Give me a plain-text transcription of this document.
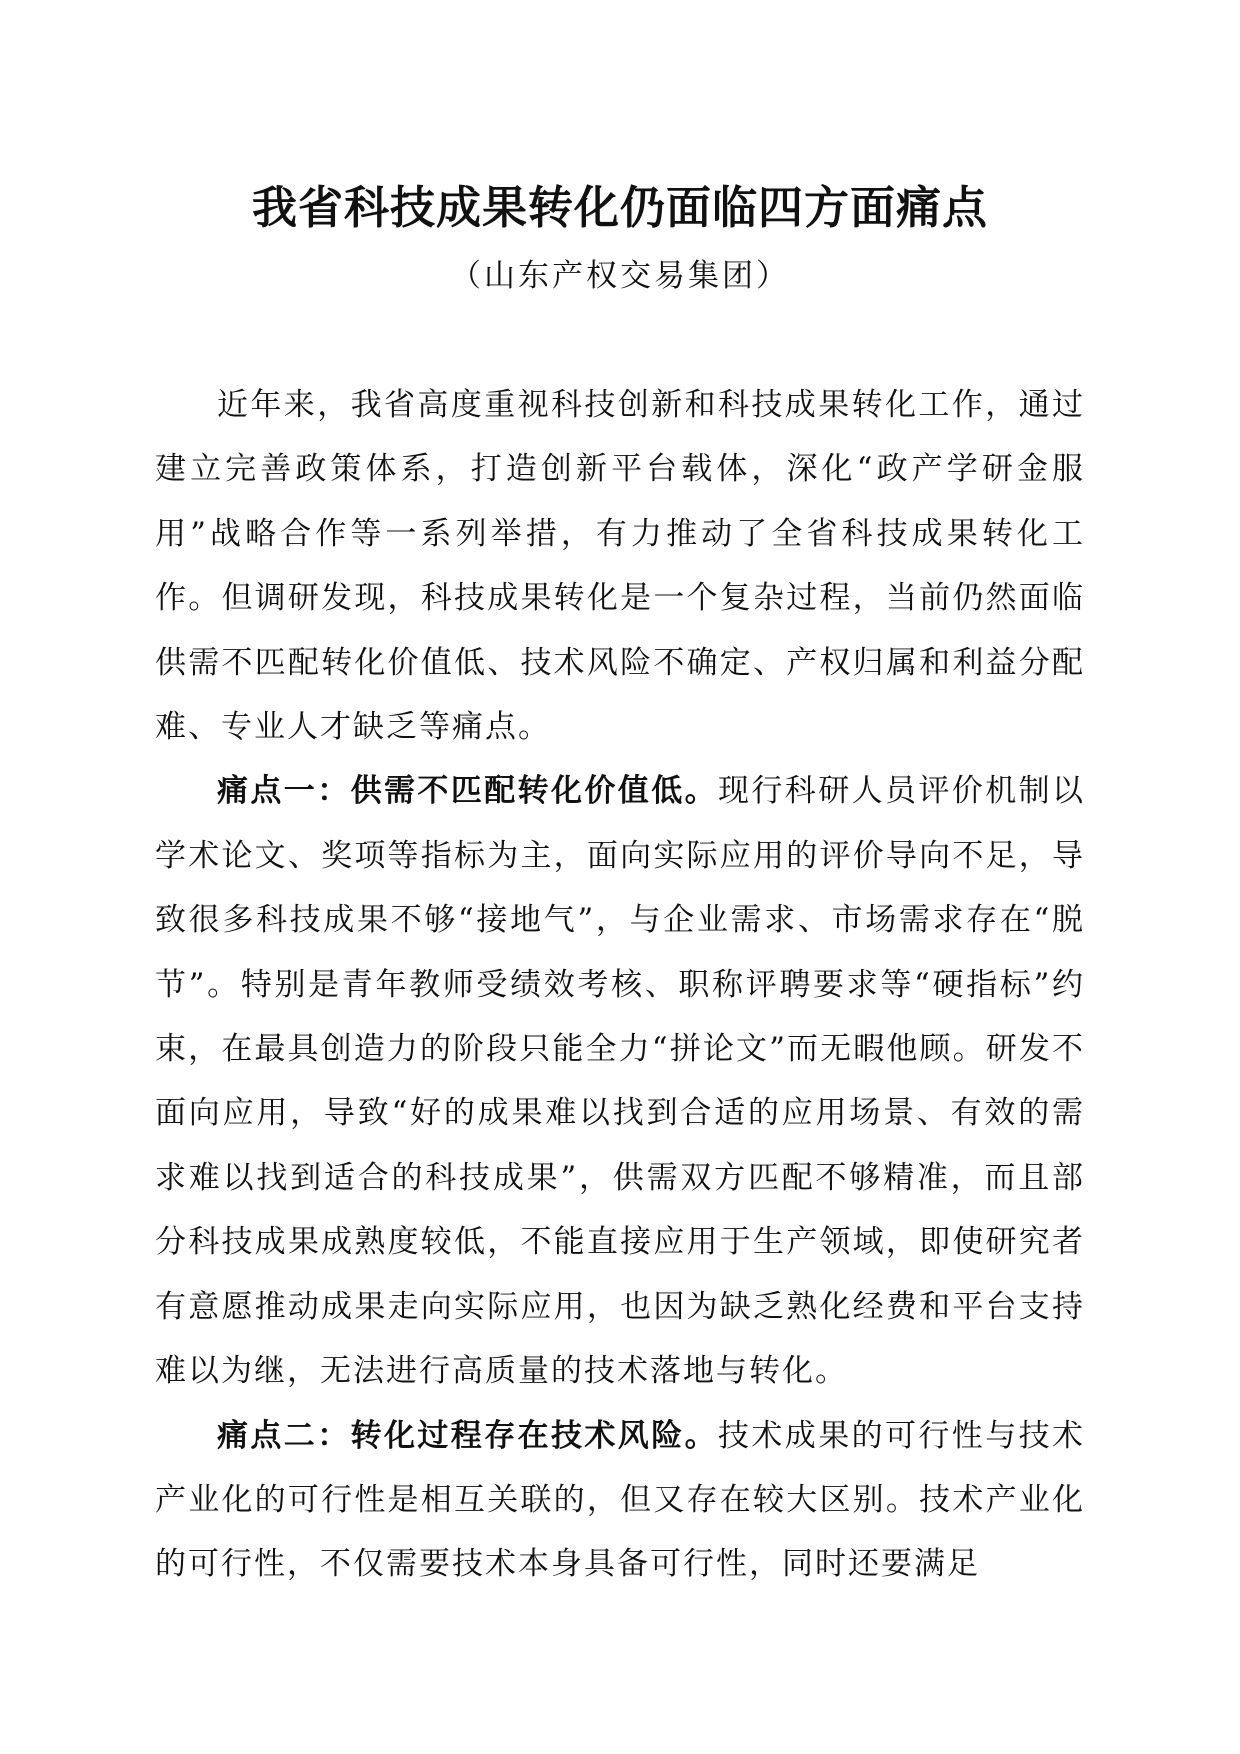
我省科技成果转化仍面临四方面痛点
（山东产权交易集团）

近年来，我省高度重视科技创新和科技成果转化工作，通过建立完善政策体系，打造创新平台载体，深化“政产学研金服用”战略合作等一系列举措，有力推动了全省科技成果转化工作。但调研发现，科技成果转化是一个复杂过程，当前仍然面临供需不匹配转化价值低、技术风险不确定、产权归属和利益分配难、专业人才缺乏等痛点。

痛点一：供需不匹配转化价值低。现行科研人员评价机制以学术论文、奖项等指标为主，面向实际应用的评价导向不足，导致很多科技成果不够“接地气”，与企业需求、市场需求存在“脱节”。特别是青年教师受绩效考核、职称评聘要求等“硬指标”约束，在最具创造力的阶段只能全力“拼论文”而无暇他顾。研发不面向应用，导致“好的成果难以找到合适的应用场景、有效的需求难以找到适合的科技成果”，供需双方匹配不够精准，而且部分科技成果成熟度较低，不能直接应用于生产领域，即使研究者有意愿推动成果走向实际应用，也因为缺乏熟化经费和平台支持难以为继，无法进行高质量的技术落地与转化。

痛点二：转化过程存在技术风险。技术成果的可行性与技术产业化的可行性是相互关联的，但又存在较大区别。技术产业化的可行性，不仅需要技术本身具备可行性，同时还要满足
